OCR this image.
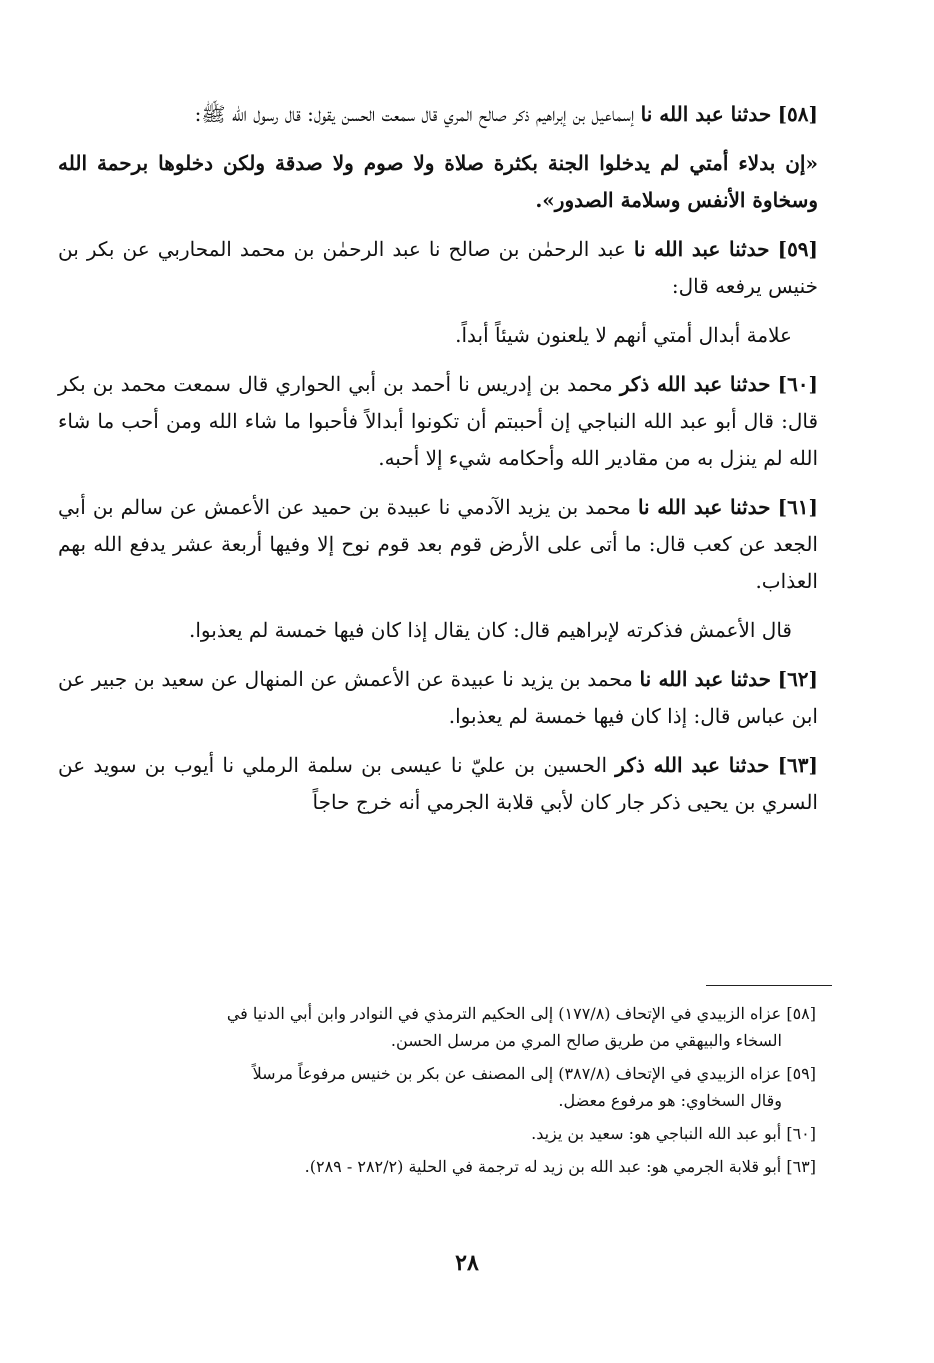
[٥٨] حدثنا عبد الله نا إسماعيل بن إبراهيم ذكر صالح المري قال سمعت الحسن يقول: قال رسول الله ﷺ:

«إن بدلاء أمتي لم يدخلوا الجنة بكثرة صلاة ولا صوم ولا صدقة ولكن دخلوها برحمة الله وسخاوة الأنفس وسلامة الصدور».

[٥٩] حدثنا عبد الله نا عبد الرحمٰن بن صالح نا عبد الرحمٰن بن محمد المحاربي عن بكر بن خنيس يرفعه قال:

علامة أبدال أمتي أنهم لا يلعنون شيئاً أبداً.

[٦٠] حدثنا عبد الله ذكر محمد بن إدريس نا أحمد بن أبي الحواري قال سمعت محمد بن بكر قال: قال أبو عبد الله النباجي إن أحببتم أن تكونوا أبدالاً فأحبوا ما شاء الله ومن أحب ما شاء الله لم ينزل به من مقادير الله وأحكامه شيء إلا أحبه.

[٦١] حدثنا عبد الله نا محمد بن يزيد الآدمي نا عبيدة بن حميد عن الأعمش عن سالم بن أبي الجعد عن كعب قال: ما أتى على الأرض قوم بعد قوم نوح إلا وفيها أربعة عشر يدفع الله بهم العذاب.

قال الأعمش فذكرته لإبراهيم قال: كان يقال إذا كان فيها خمسة لم يعذبوا.

[٦٢] حدثنا عبد الله نا محمد بن يزيد نا عبيدة عن الأعمش عن المنهال عن سعيد بن جبير عن ابن عباس قال: إذا كان فيها خمسة لم يعذبوا.

[٦٣] حدثنا عبد الله ذكر الحسين بن عليّ نا عيسى بن سلمة الرملي نا أيوب بن سويد عن السري بن يحيى ذكر جار كان لأبي قلابة الجرمي أنه خرج حاجاً

[٥٨] عزاه الزبيدي في الإتحاف (١٧٧/٨) إلى الحكيم الترمذي في النوادر وابن أبي الدنيا في
السخاء والبيهقي من طريق صالح المري من مرسل الحسن.

[٥٩] عزاه الزبيدي في الإتحاف (٣٨٧/٨) إلى المصنف عن بكر بن خنيس مرفوعاً مرسلاً
وقال السخاوي: هو مرفوع معضل.

[٦٠] أبو عبد الله النباجي هو: سعيد بن يزيد.

[٦٣] أبو قلابة الجرمي هو: عبد الله بن زيد له ترجمة في الحلية (٢٨٢/٢ - ٢٨٩).

٢٨
